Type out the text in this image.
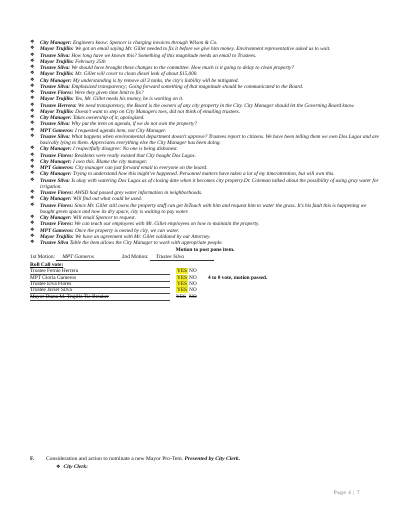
❖ City Manager: Engineers know: Spencer is charging invoices through Wilson & Co.
❖ Mayor Trujillo: We got an email saying Mr. Gillet needed to fix it before we give him money. Environment representative asked us to wait.
❖ Trustee Silva: How long have we known this? Something of this magnitude needs an email to Trustees.
❖ Mayor Trujillo: February 25th
❖ Trustee Silva: We should have brought these changes to the committee. How much is it going to delay to clean property?
❖ Mayor Trujillo: Mr. Gillet will cover to clean diesel leak of about $15,000.
❖ City Manager: My understanding is by remove all 3 tanks, the city's liability will be mitigated.
❖ Trustee Silva: Emphasized transparency; Going forward something of that magnitude should be communicated to the Board.
❖ Trustee Flores: Were they given time limit to fix?
❖ Mayor Trujillo: Yes, Mr. Gillet needs his money, he is working on it.
❖ Trustee Herrera: We need transparency, the Board is the owners of any city property in the City. City Manager should let the Governing Board know.
❖ Mayor Trujillo: Doesn't want to step on City Managers toes, did not think of emailing trustees.
❖ City Manager: Takes ownership of it, apologized.
❖ Trustee Silva: Why put the item on agenda, if we do not own the property?
❖ MPT Gameros: I requested agenda item, not City Manager.
❖ Trustee Silva: What happens when environmental department doesn't approve? Trustees report to citizens. We have been telling them we own Dos Lagos and are basically lying to them. Appreciates everything else the City Manager has been doing.
❖ City Manager: I respectfully disagree: No one is being dishonest.
❖ Trustee Flores: Residents were really existed that City bought Dos Lagos.
❖ City Manager: I own this. Blame the city manager.
❖ MPT Gameros: City manager can just forward email to everyone on the board.
❖ City Manager: Trying to understand how this might've happened. Personnel matters have taken a lot of my time/attention, but will own this.
❖ Trustee Silva: Is okay with watering Dos Lagos as of closing date when it becomes city property.Dr. Coleman talked about the possibility of using gray water for irrigation.
❖ Trustee Flores: AWSD had passed grey water information in neighborhoods.
❖ City Manager: Will find out what could be used.
❖ Trustee Flores: Since Mr. Gillet still owns the property staff can get InTouch with him and request him to water the grass. It's his fault this is happening we bought green space and now its dry space, city is waiting to pay water.
❖ City Manager: Will email Spencer to request.
❖ Trustee Flores: We can teach our employees with Mr. Gillet employees on how to maintain the property.
❖ MPT Gameros: Once the property is owned by city, we can water.
❖ Mayor Trujillo: We have an agreement with Mr. Gillet validated by our Attorney.
❖ Trustee Silva Table the item allows the City Manager to work with appropriate people.
Motion to post pone item.
1st Motion: MPT Gameros	2nd Motion: Trustee Silva
Roll Call vote:
Trustee Fernie Herrera	YES NO
MPT Gloria Gameros	YES NO 4 to 0 vote, motion passed.
Trustee Elva Flores	YES NO
Trustee Javier Silva	YES NO
Mayor Diana M. Trujillo Tie Breaker	YES NO
F. Consideration and action to nominate a new Mayor Pro-Tem. Presented by City Clerk.
❖ City Clerk:
Page 4 | 7
